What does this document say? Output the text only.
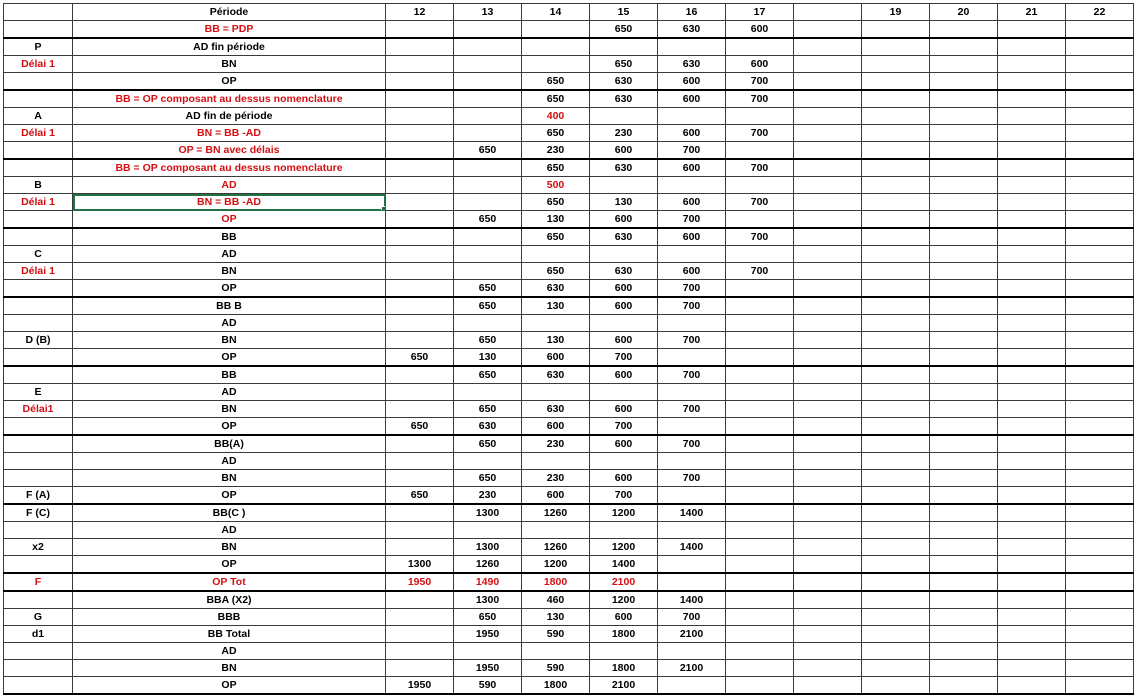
	Période	12	13	14	15	16	17		19	20	21	22
	BB = PDP				650	630	600					
P	AD fin période											
Délai 1	BN				650	630	600					
	OP			650	630	600	700					
	BB = OP composant au dessus nomenclature			650	630	600	700					
A	AD fin de période			400								
Délai 1	BN = BB -AD			650	230	600	700					
	OP = BN avec délais		650	230	600	700						
	BB = OP composant au dessus nomenclature			650	630	600	700					
B	AD			500								
Délai 1	BN = BB -AD			650	130	600	700					
	OP		650	130	600	700						
	BB			650	630	600	700					
C	AD											
Délai 1	BN			650	630	600	700					
	OP		650	630	600	700						
	BB B		650	130	600	700						
	AD											
D (B)	BN		650	130	600	700						
	OP	650	130	600	700							
	BB		650	630	600	700						
E	AD											
Délai1	BN		650	630	600	700						
	OP	650	630	600	700							
	BB(A)		650	230	600	700						
	AD											
	BN		650	230	600	700						
F (A)	OP	650	230	600	700							
F (C)	BB(C )		1300	1260	1200	1400						
	AD											
x2	BN		1300	1260	1200	1400						
	OP	1300	1260	1200	1400							
F	OP Tot	1950	1490	1800	2100							
	BBA (X2)		1300	460	1200	1400						
G	BBB		650	130	600	700						
d1	BB Total		1950	590	1800	2100						
	AD											
	BN		1950	590	1800	2100						
	OP	1950	590	1800	2100							
